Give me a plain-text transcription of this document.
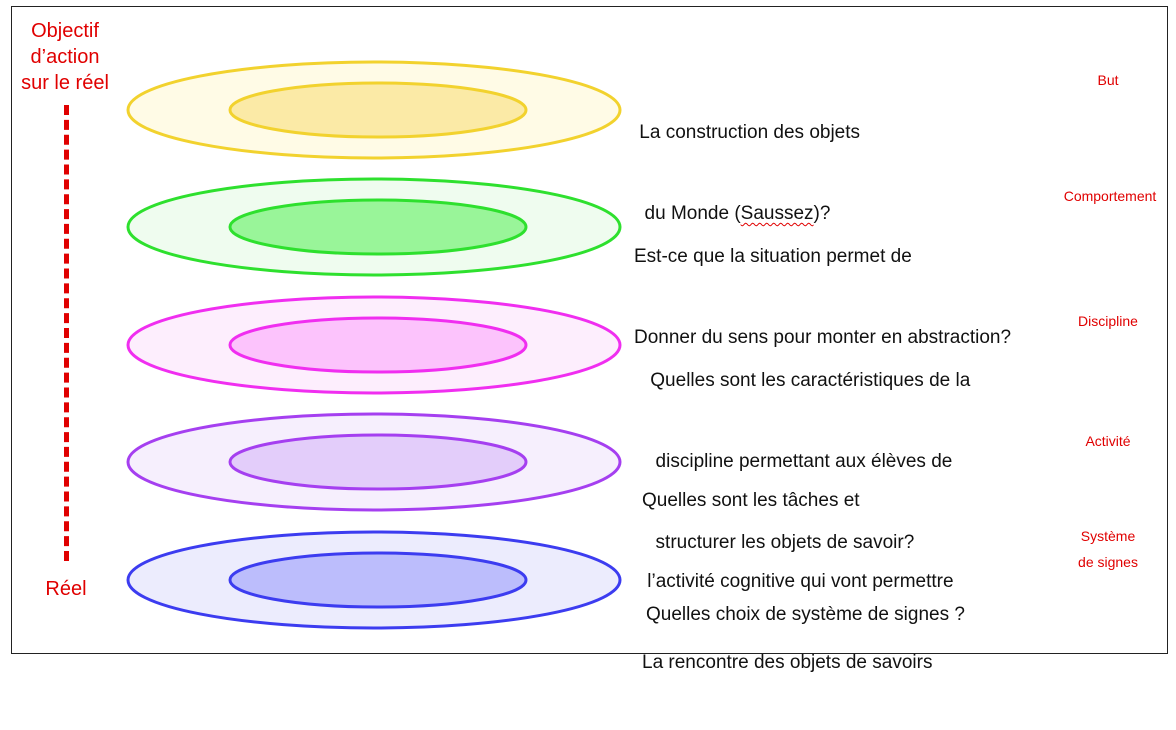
Objectif
d’action
sur le réel
Réel

La construction des objets

du Monde (Saussez)?

But

Est-ce que la situation permet de

Donner du sens pour monter en abstraction?

Comportement

Quelles sont les caractéristiques de la

discipline permettant aux élèves de

structurer les objets de savoir?

Discipline

Quelles sont les tâches et

l’activité cognitive qui vont permettre

La rencontre des objets de savoirs

Activité

Quelles choix de système de signes ?

Système
de signes
